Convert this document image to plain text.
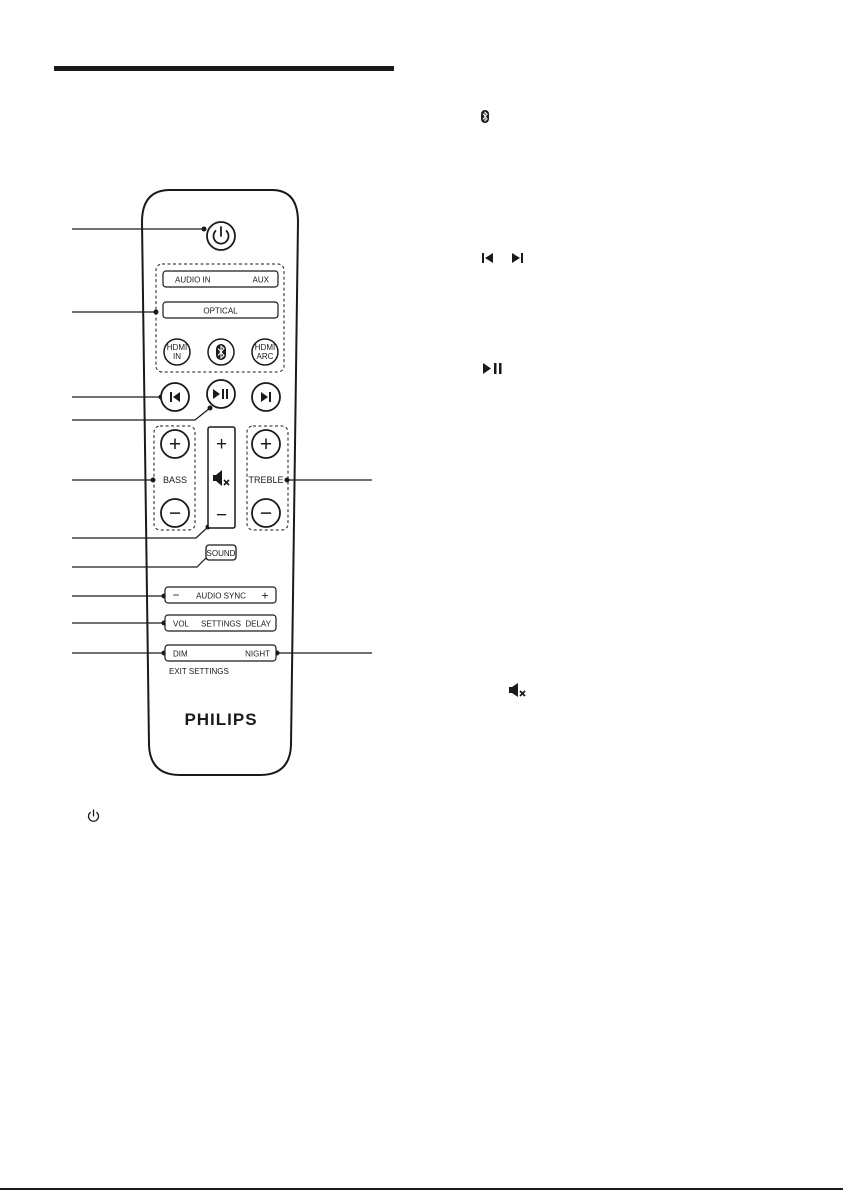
AUDIO IN	AUX
OPTICAL
HDMI
IN
HDMI
ARC
+
BASS
−
+
−
+
TREBLE
−
SOUND
− AUDIO SYNC +
VOL SETTINGS DELAY
DIM	NIGHT
EXIT SETTINGS
PHILIPS
